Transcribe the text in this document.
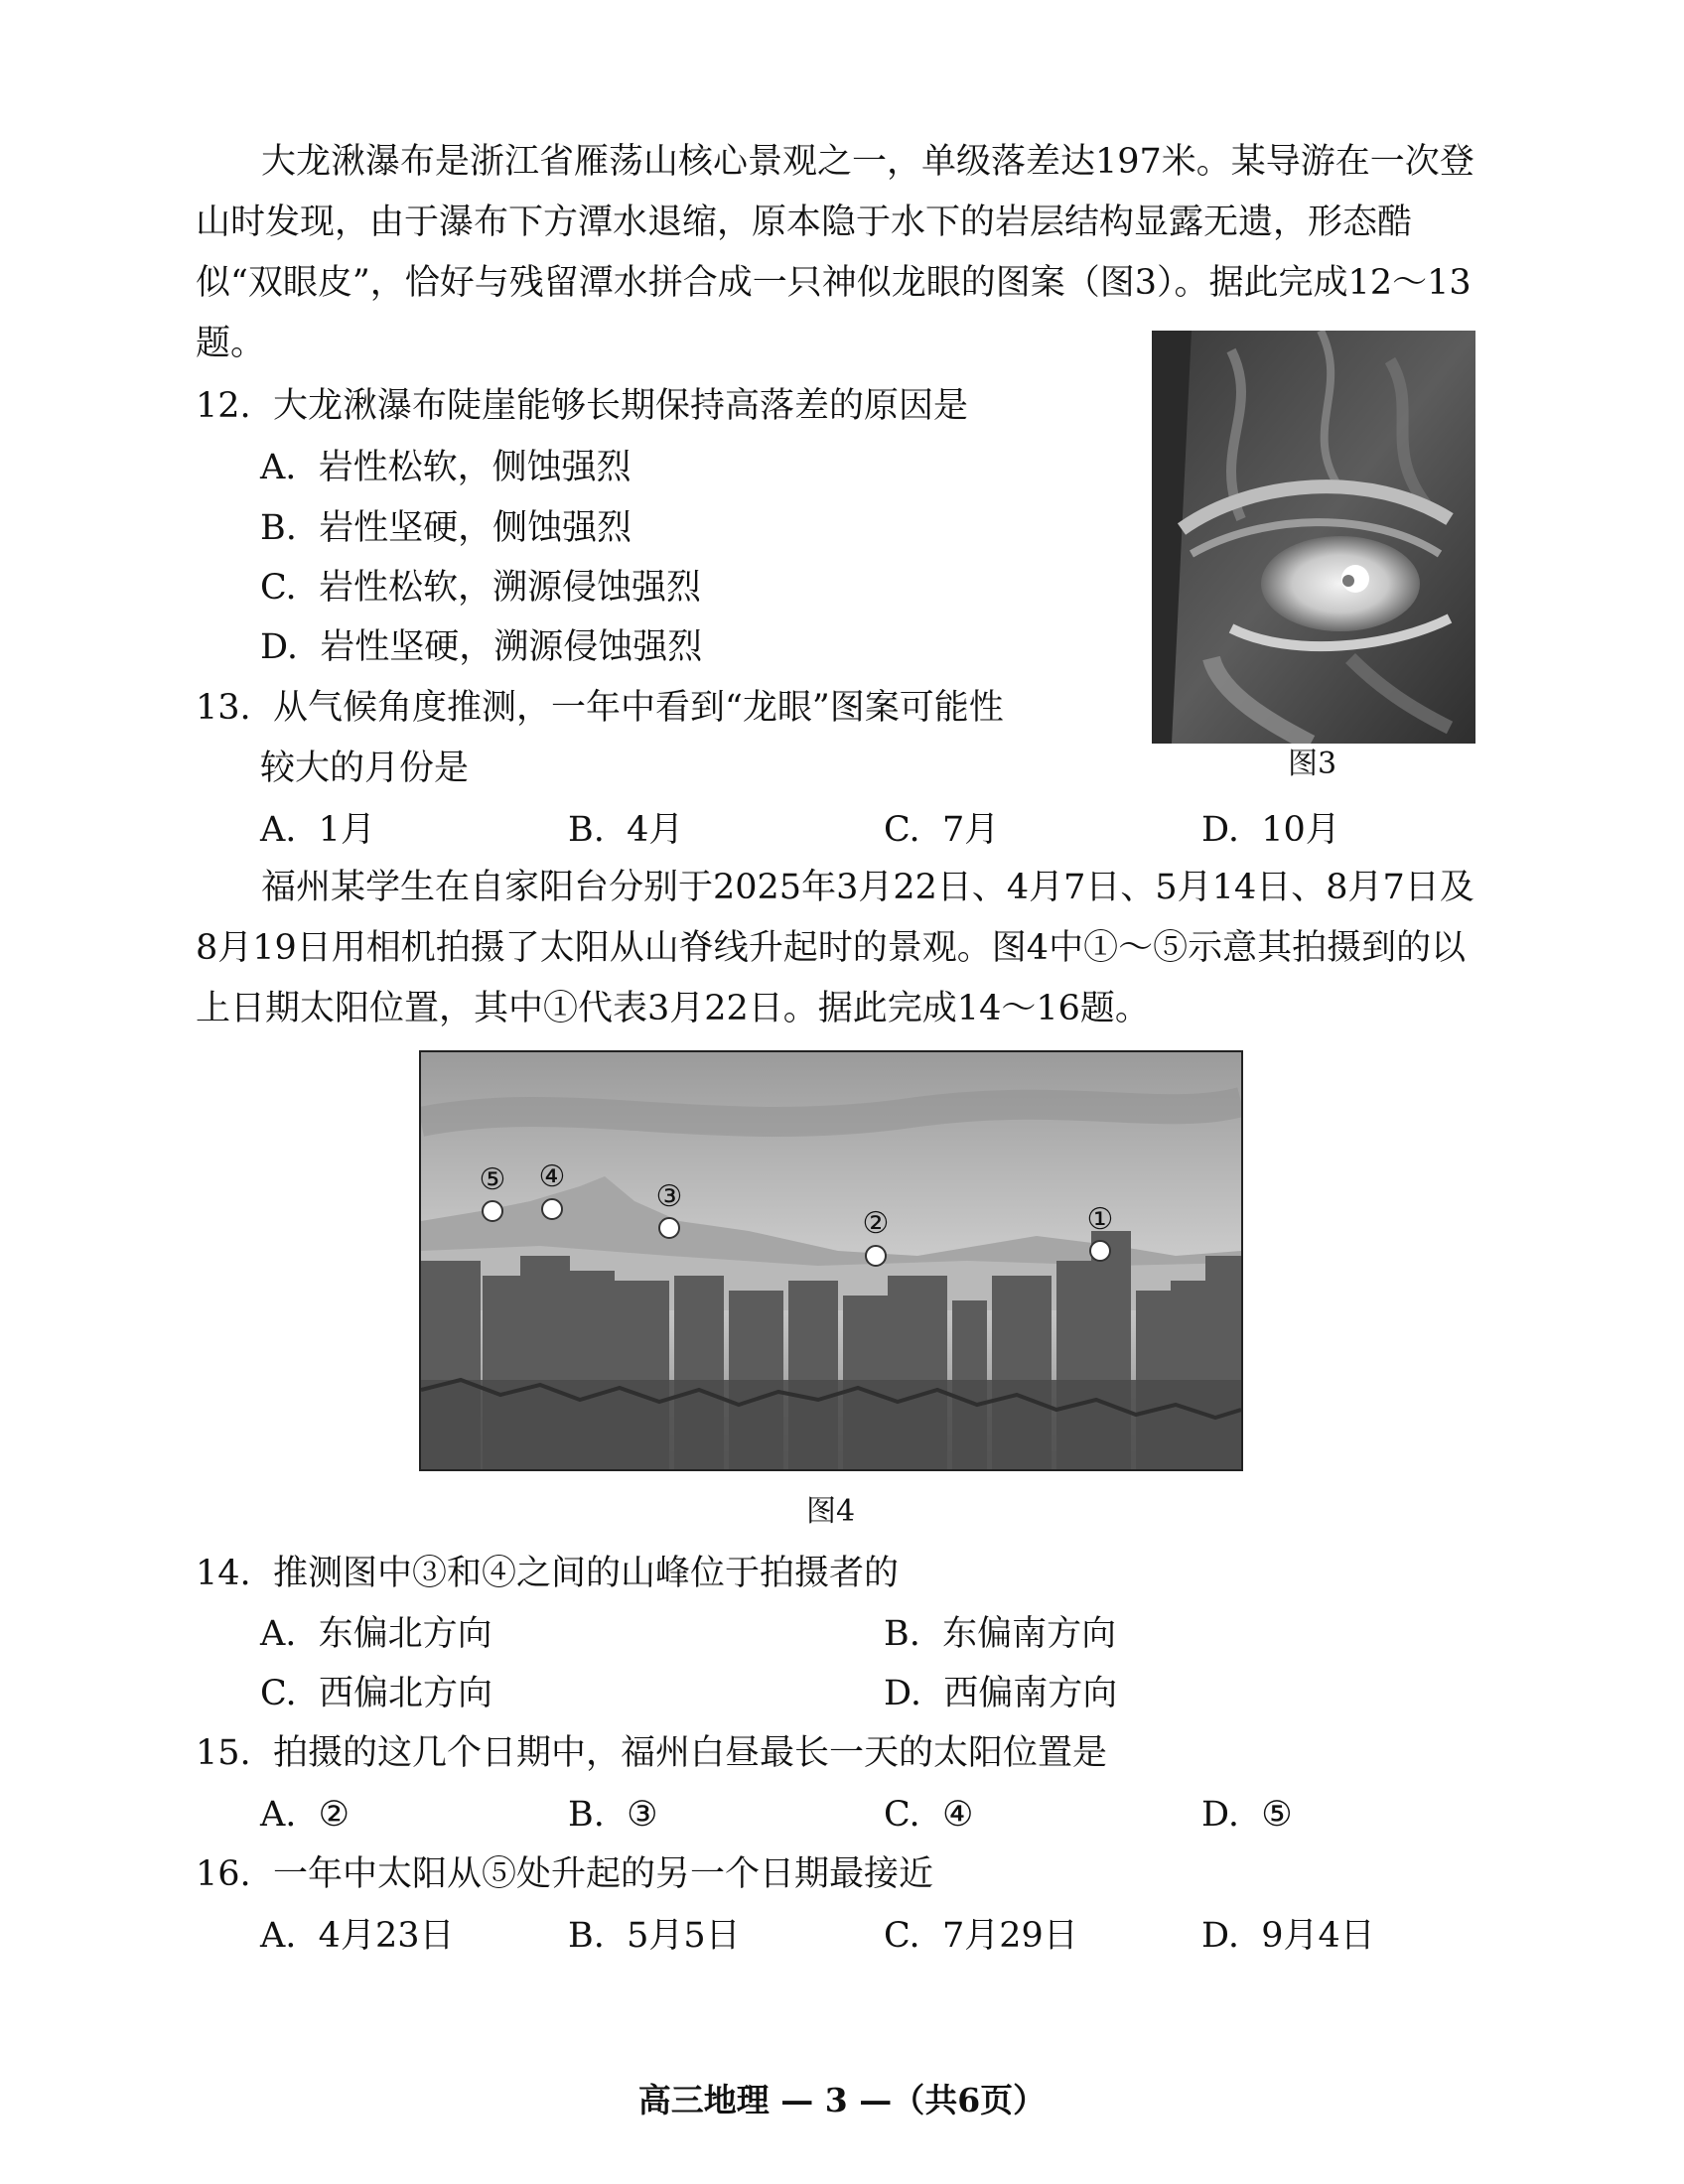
大龙湫瀑布是浙江省雁荡山核心景观之一，单级落差达197米。某导游在一次登山时发现，由于瀑布下方潭水退缩，原本隐于水下的岩层结构显露无遗，形态酷似“双眼皮”，恰好与残留潭水拼合成一只神似龙眼的图案（图3）。据此完成12～13题。

12. 大龙湫瀑布陡崖能够长期保持高落差的原因是
A. 岩性松软，侧蚀强烈
B. 岩性坚硬，侧蚀强烈
C. 岩性松软，溯源侵蚀强烈
D. 岩性坚硬，溯源侵蚀强烈
13. 从气候角度推测，一年中看到“龙眼”图案可能性
较大的月份是
A. 1月	B. 4月	C. 7月	D. 10月
图3

福州某学生在自家阳台分别于2025年3月22日、4月7日、5月14日、8月7日及8月19日用相机拍摄了太阳从山脊线升起时的景观。图4中①～⑤示意其拍摄到的以上日期太阳位置，其中①代表3月22日。据此完成14～16题。

⑤ ④
③
②	①
图4
14. 推测图中③和④之间的山峰位于拍摄者的
A. 东偏北方向	B. 东偏南方向
C. 西偏北方向	D. 西偏南方向
15. 拍摄的这几个日期中，福州白昼最长一天的太阳位置是
A. ②	B. ③	C. ④	D. ⑤
16. 一年中太阳从⑤处升起的另一个日期最接近
A. 4月23日	B. 5月5日	C. 7月29日	D. 9月4日
高三地理 — 3 —（共6页）
